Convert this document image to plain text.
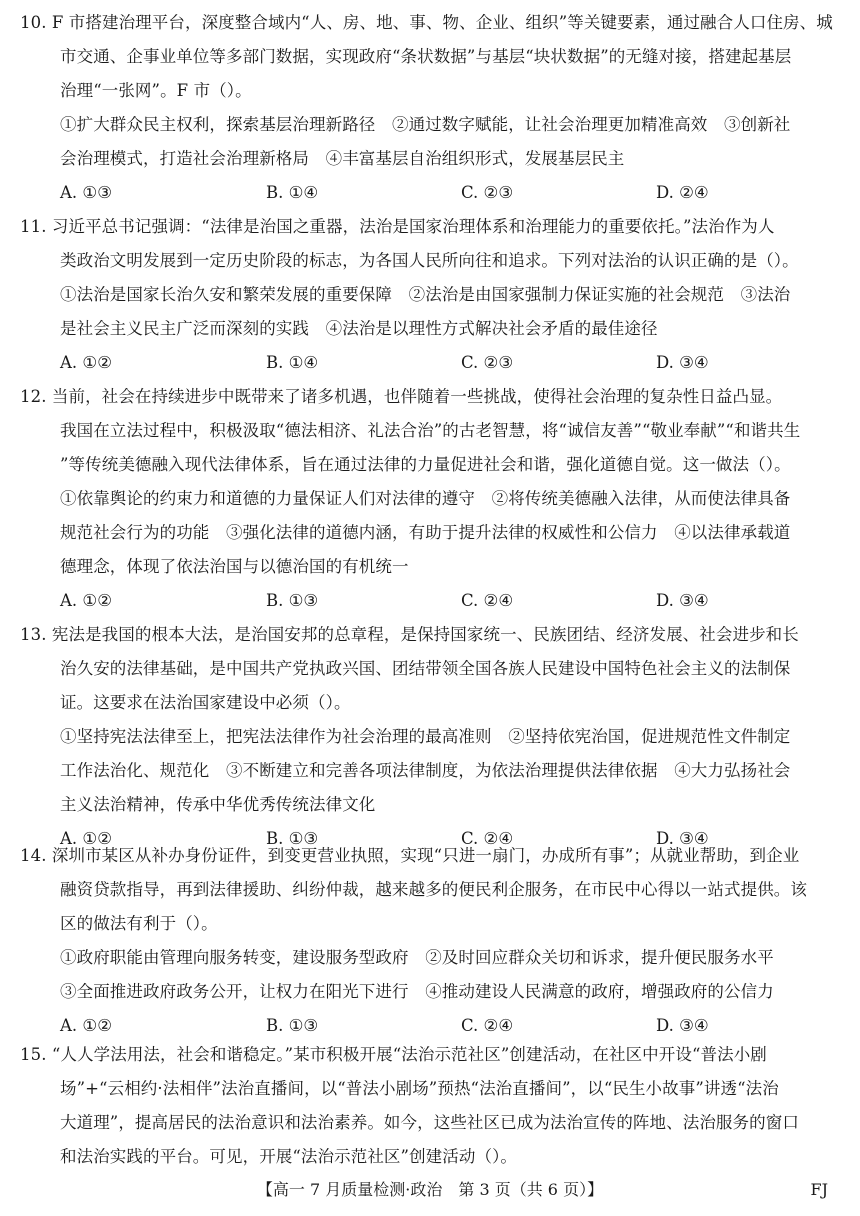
10. F 市搭建治理平台，深度整合域内“人、房、地、事、物、企业、组织”等关键要素，通过融合人口住房、城
市交通、企事业单位等多部门数据，实现政府“条状数据”与基层“块状数据”的无缝对接，搭建起基层
治理“一张网”。F 市（）。
①扩大群众民主权利，探索基层治理新路径　②通过数字赋能，让社会治理更加精准高效　③创新社
会治理模式，打造社会治理新格局　④丰富基层自治组织形式，发展基层民主
A. ①③	B. ①④	C. ②③	D. ②④
11. 习近平总书记强调：“法律是治国之重器，法治是国家治理体系和治理能力的重要依托。”法治作为人
类政治文明发展到一定历史阶段的标志，为各国人民所向往和追求。下列对法治的认识正确的是（）。
①法治是国家长治久安和繁荣发展的重要保障　②法治是由国家强制力保证实施的社会规范　③法治
是社会主义民主广泛而深刻的实践　④法治是以理性方式解决社会矛盾的最佳途径
A. ①②	B. ①④	C. ②③	D. ③④
12. 当前，社会在持续进步中既带来了诸多机遇，也伴随着一些挑战，使得社会治理的复杂性日益凸显。
我国在立法过程中，积极汲取“德法相济、礼法合治”的古老智慧，将“诚信友善”“敬业奉献”“和谐共生
”等传统美德融入现代法律体系，旨在通过法律的力量促进社会和谐，强化道德自觉。这一做法（）。
①依靠舆论的约束力和道德的力量保证人们对法律的遵守　②将传统美德融入法律，从而使法律具备
规范社会行为的功能　③强化法律的道德内涵，有助于提升法律的权威性和公信力　④以法律承载道
德理念，体现了依法治国与以德治国的有机统一
A. ①②	B. ①③	C. ②④	D. ③④
13. 宪法是我国的根本大法，是治国安邦的总章程，是保持国家统一、民族团结、经济发展、社会进步和长
治久安的法律基础，是中国共产党执政兴国、团结带领全国各族人民建设中国特色社会主义的法制保
证。这要求在法治国家建设中必须（）。
①坚持宪法法律至上，把宪法法律作为社会治理的最高准则　②坚持依宪治国，促进规范性文件制定
工作法治化、规范化　③不断建立和完善各项法律制度，为依法治理提供法律依据　④大力弘扬社会
主义法治精神，传承中华优秀传统法律文化
A. ①②	B. ①③	C. ②④	D. ③④
14. 深圳市某区从补办身份证件，到变更营业执照，实现“只进一扇门，办成所有事”；从就业帮助，到企业
融资贷款指导，再到法律援助、纠纷仲裁，越来越多的便民利企服务，在市民中心得以一站式提供。该
区的做法有利于（）。
①政府职能由管理向服务转变，建设服务型政府　②及时回应群众关切和诉求，提升便民服务水平
③全面推进政府政务公开，让权力在阳光下进行　④推动建设人民满意的政府，增强政府的公信力
A. ①②	B. ①③	C. ②④	D. ③④
15. “人人学法用法，社会和谐稳定。”某市积极开展“法治示范社区”创建活动，在社区中开设“普法小剧
场”+“云相约·法相伴”法治直播间，以“普法小剧场”预热“法治直播间”，以“民生小故事”讲透“法治
大道理”，提高居民的法治意识和法治素养。如今，这些社区已成为法治宣传的阵地、法治服务的窗口
和法治实践的平台。可见，开展“法治示范社区”创建活动（）。
【高一 7 月质量检测·政治　第 3 页（共 6 页）】	FJ
